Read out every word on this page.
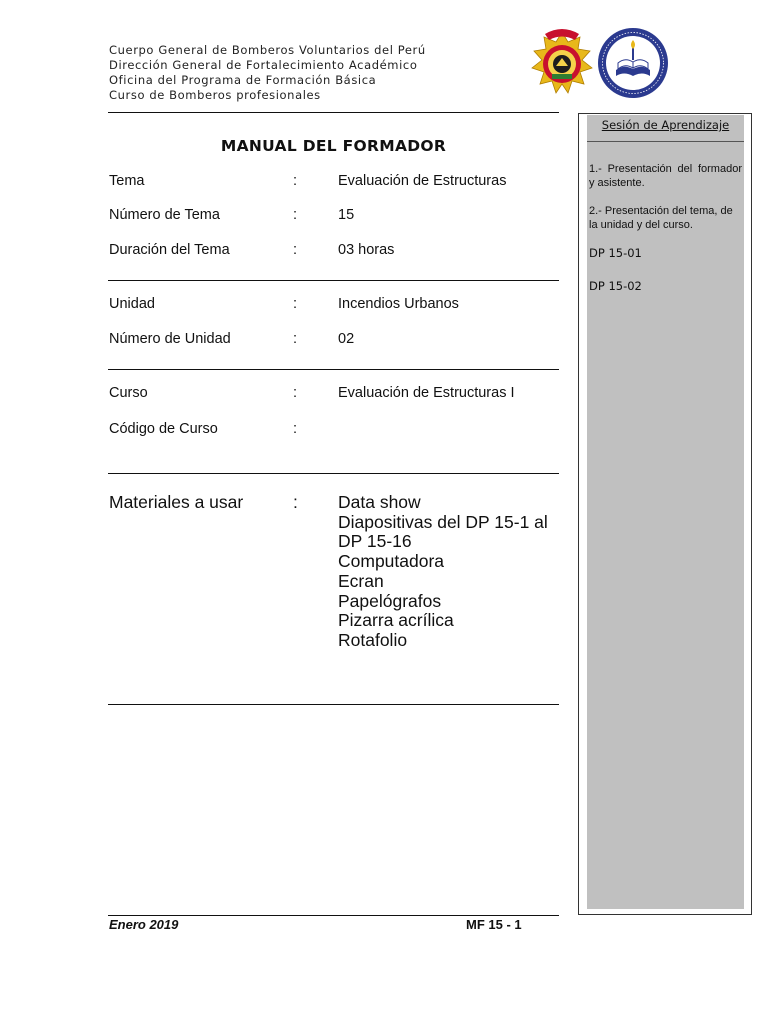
Cuerpo General de Bomberos Voluntarios del Perú
Dirección General de Fortalecimiento Académico
Oficina del Programa de Formación Básica
Curso de Bomberos profesionales
MANUAL DEL FORMADOR
Tema	:	Evaluación de Estructuras
Número de Tema	:	15
Duración del Tema	:	03 horas
Unidad	:	Incendios Urbanos
Número de Unidad	:	02
Curso	:	Evaluación de Estructuras I
Código de Curso	:
Materiales a usar	: Data show
Diapositivas del DP 15-1 al DP 15-16
Computadora
Ecran
Papelógrafos
Pizarra acrílica
Rotafolio
Sesión de Aprendizaje
1.- Presentación del formador y asistente.
2.- Presentación del tema, de la unidad y del curso.
DP 15-01
DP 15-02
Enero 2019	MF 15 - 1
